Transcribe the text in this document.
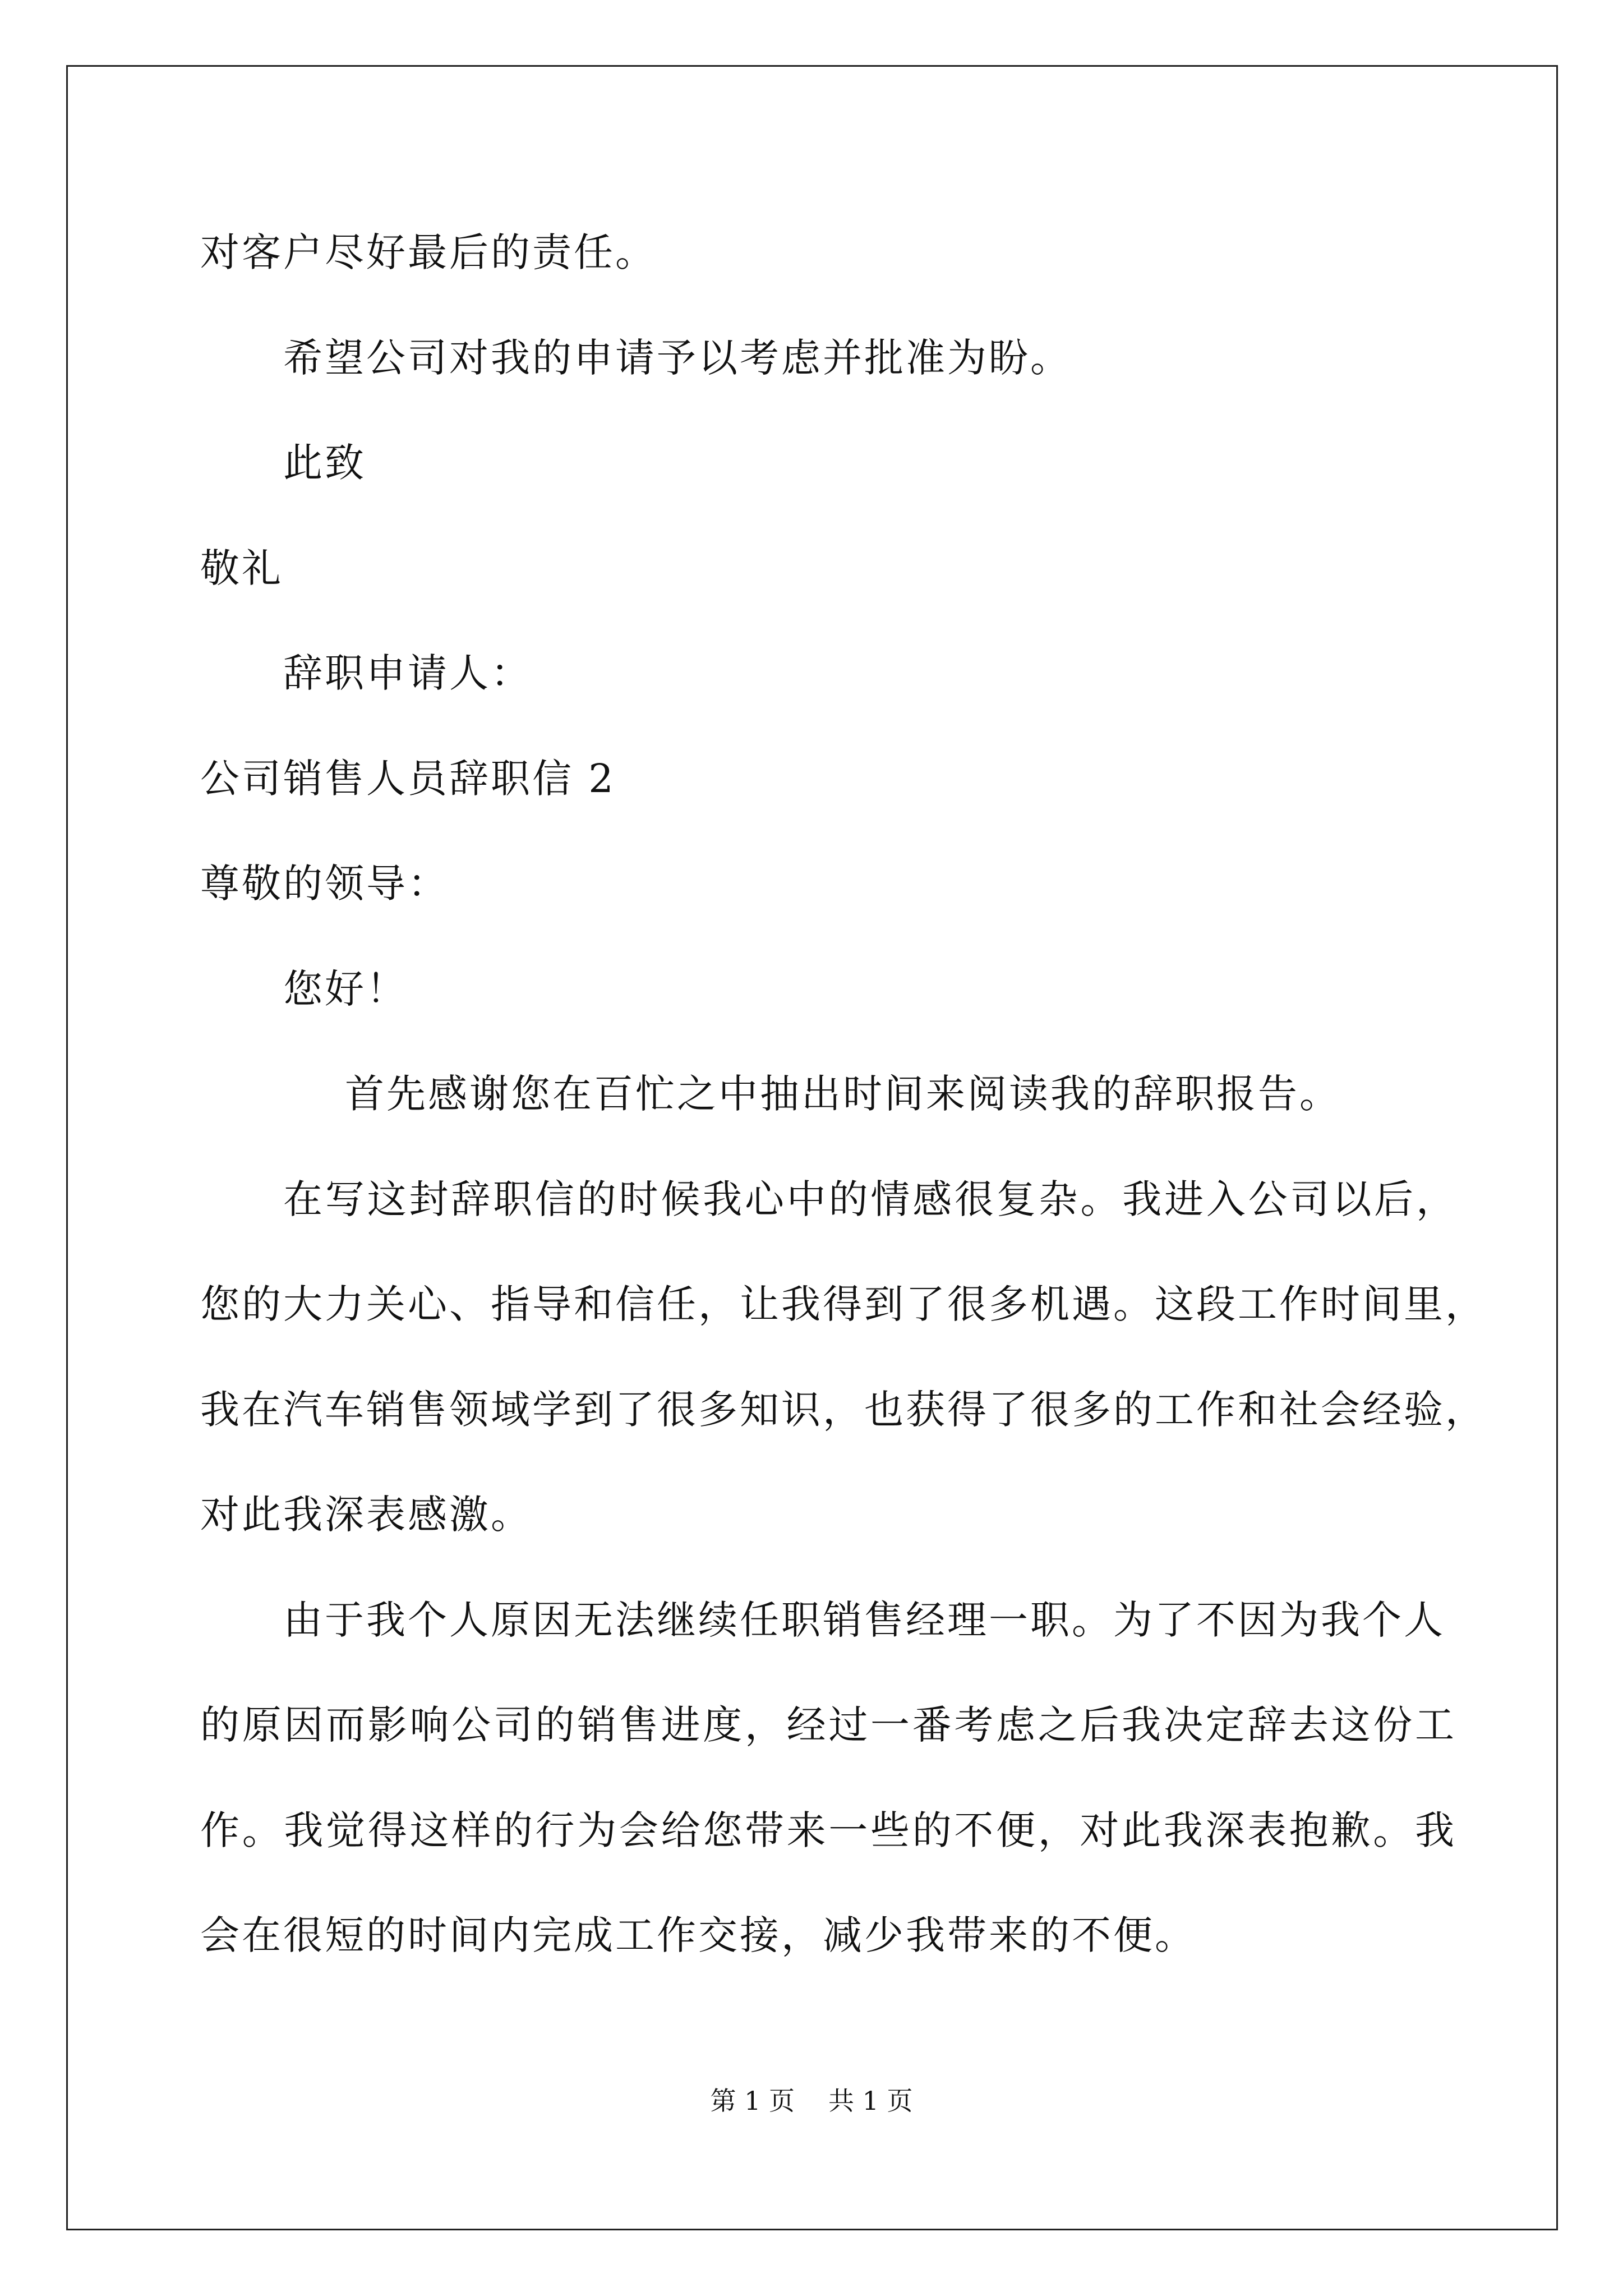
对客户尽好最后的责任。
希望公司对我的申请予以考虑并批准为盼。
此致
敬礼
辞职申请人：
公司销售人员辞职信 2
尊敬的领导：
您好！
首先感谢您在百忙之中抽出时间来阅读我的辞职报告。
在写这封辞职信的时候我心中的情感很复杂。我进入公司以后，
您的大力关心、指导和信任，让我得到了很多机遇。这段工作时间里，
我在汽车销售领域学到了很多知识，也获得了很多的工作和社会经验，
对此我深表感激。
由于我个人原因无法继续任职销售经理一职。为了不因为我个人
的原因而影响公司的销售进度，经过一番考虑之后我决定辞去这份工
作。我觉得这样的行为会给您带来一些的不便，对此我深表抱歉。我
会在很短的时间内完成工作交接，减少我带来的不便。
第 1 页 共 1 页
